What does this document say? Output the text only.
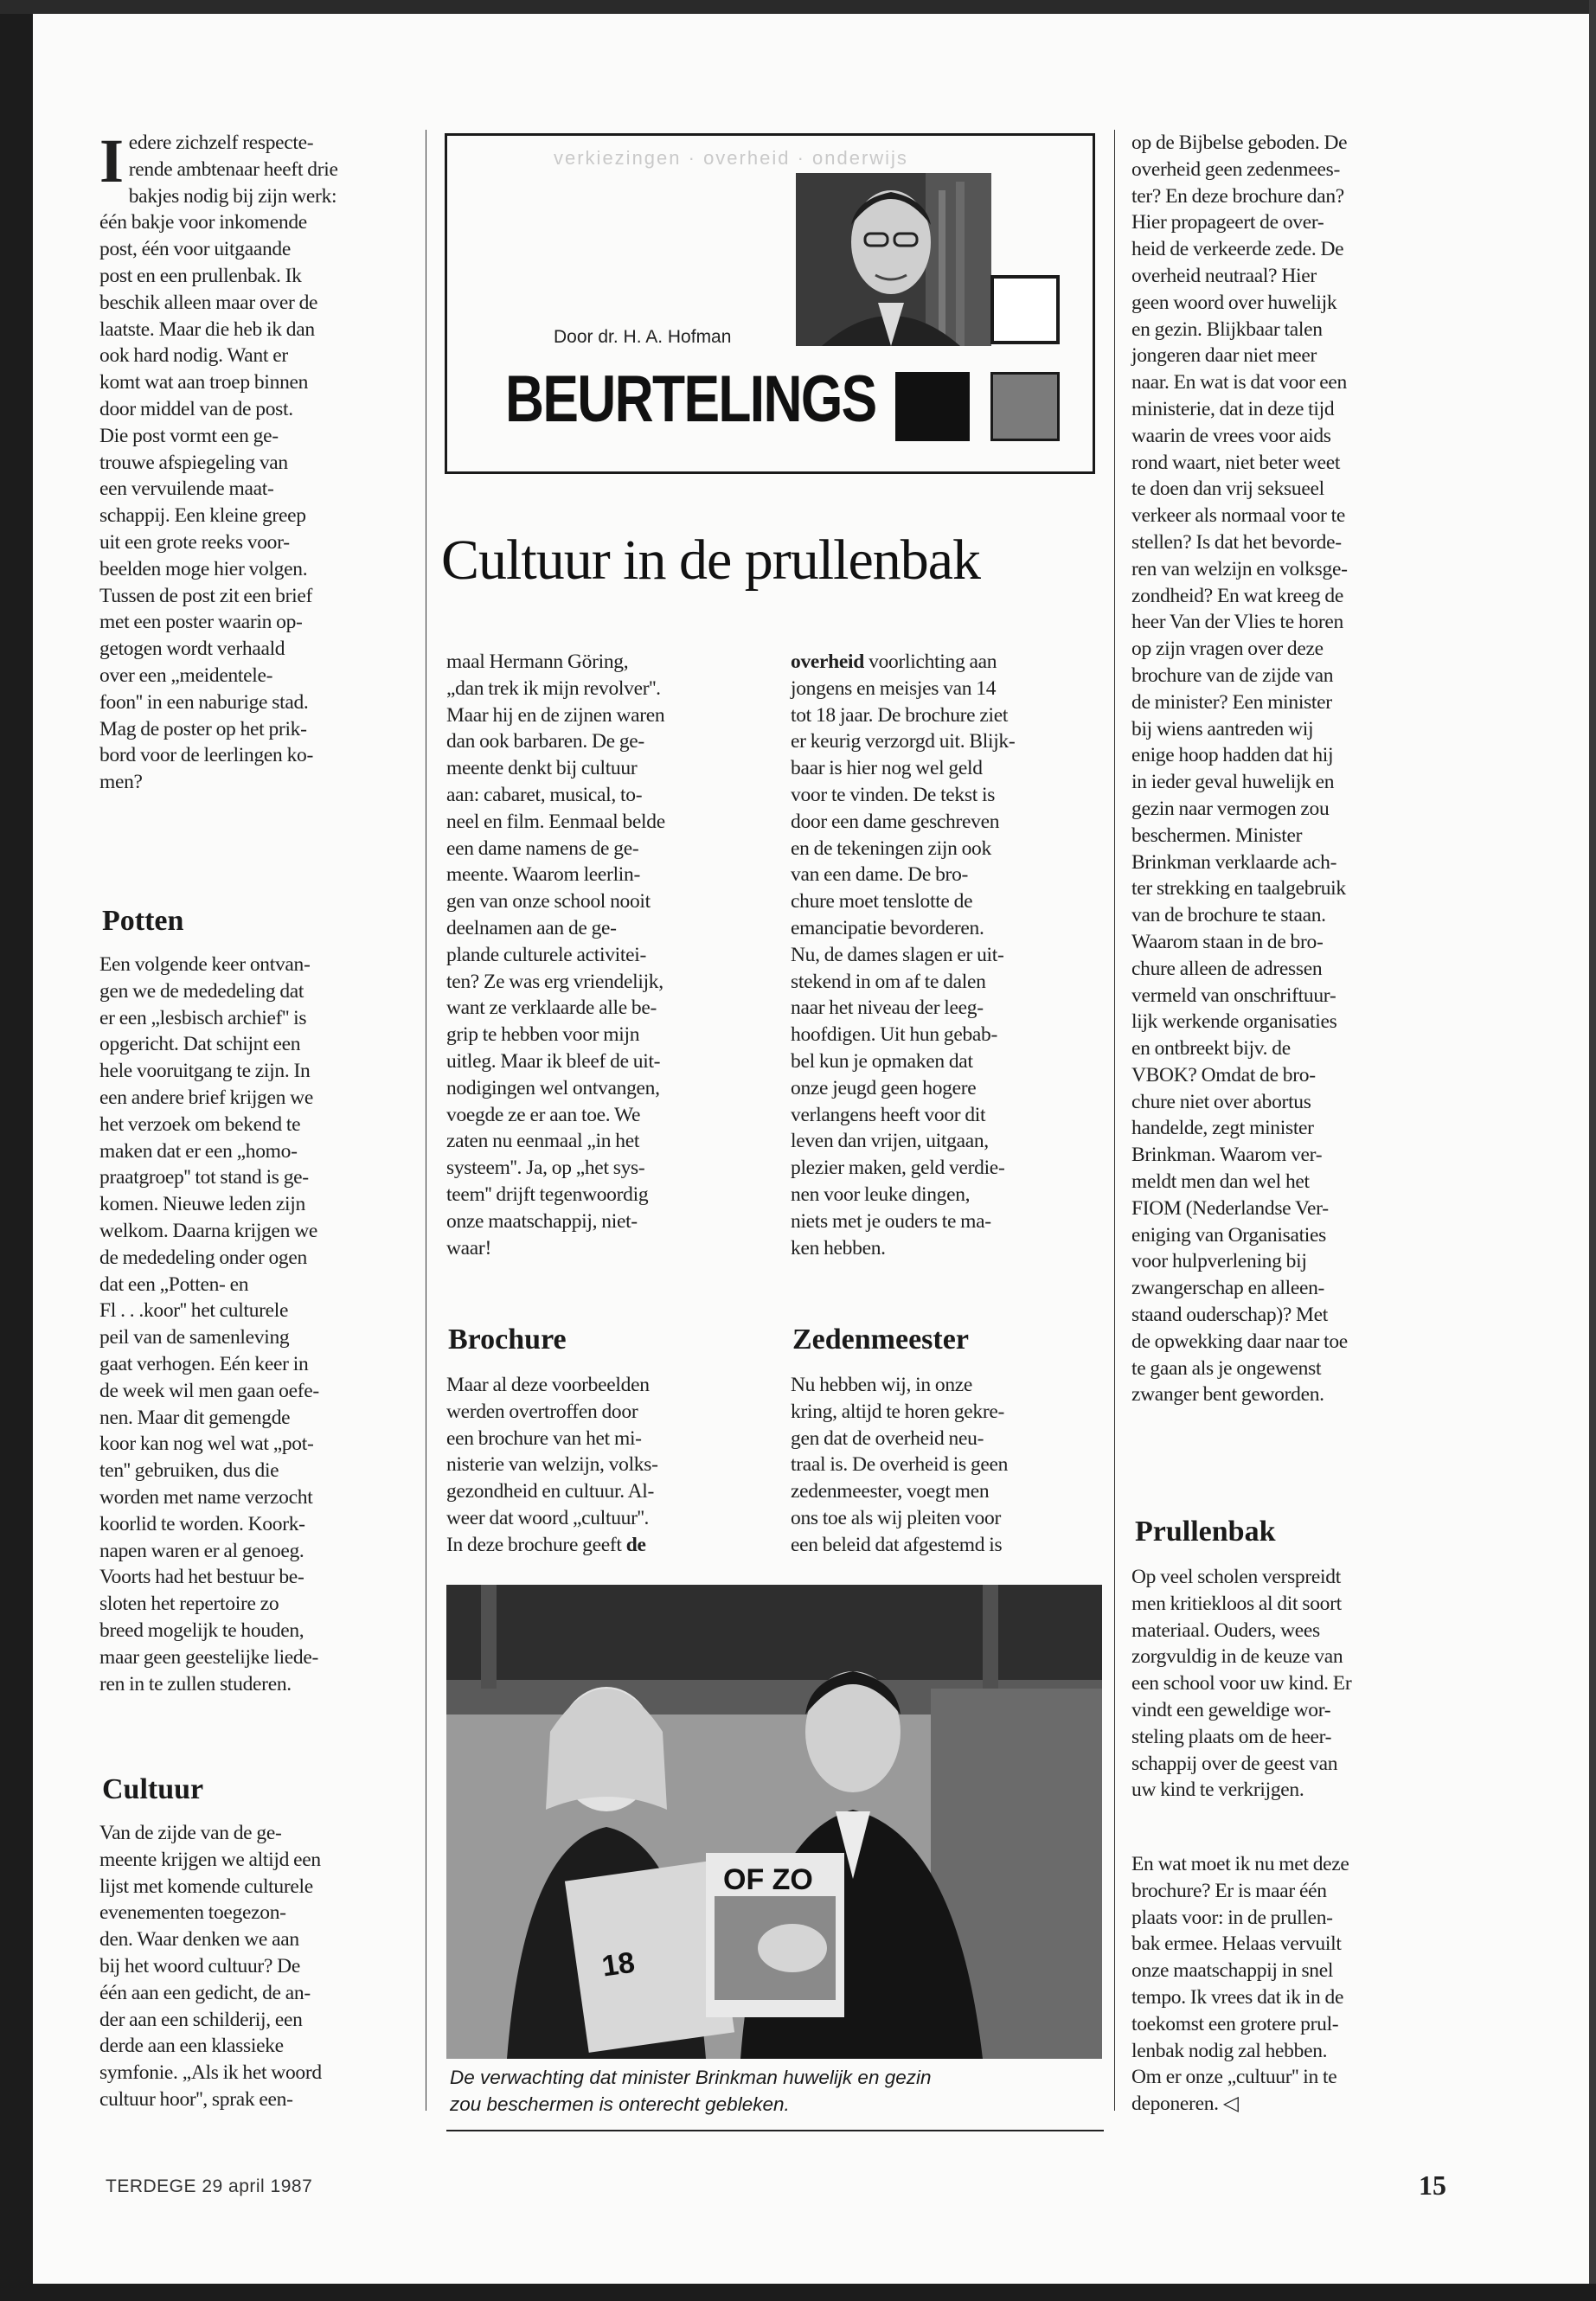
Iedere zichzelf respecte-
rende ambtenaar heeft drie
bakjes nodig bij zijn werk:
één bakje voor inkomende
post, één voor uitgaande
post en een prullenbak. Ik
beschik alleen maar over de
laatste. Maar die heb ik dan
ook hard nodig. Want er
komt wat aan troep binnen
door middel van de post.
Die post vormt een ge-
trouwe afspiegeling van
een vervuilende maat-
schappij. Een kleine greep
uit een grote reeks voor-
beelden moge hier volgen.
Tussen de post zit een brief
met een poster waarin op-
getogen wordt verhaald
over een „meidentele-
foon'' in een naburige stad.
Mag de poster op het prik-
bord voor de leerlingen ko-
men?
Potten
Een volgende keer ontvan-
gen we de mededeling dat
er een „lesbisch archief'' is
opgericht. Dat schijnt een
hele vooruitgang te zijn. In
een andere brief krijgen we
het verzoek om bekend te
maken dat er een „homo-
praatgroep'' tot stand is ge-
komen. Nieuwe leden zijn
welkom. Daarna krijgen we
de mededeling onder ogen
dat een „Potten- en
Fl . . .koor'' het culturele
peil van de samenleving
gaat verhogen. Eén keer in
de week wil men gaan oefe-
nen. Maar dit gemengde
koor kan nog wel wat „pot-
ten'' gebruiken, dus die
worden met name verzocht
koorlid te worden. Koork-
napen waren er al genoeg.
Voorts had het bestuur be-
sloten het repertoire zo
breed mogelijk te houden,
maar geen geestelijke liede-
ren in te zullen studeren.
Cultuur
Van de zijde van de ge-
meente krijgen we altijd een
lijst met komende culturele
evenementen toegezon-
den. Waar denken we aan
bij het woord cultuur? De
één aan een gedicht, de an-
der aan een schilderij, een
derde aan een klassieke
symfonie. „Als ik het woord
cultuur hoor'', sprak een-
verkiezingen · overheid · onderwijs
Door dr. H. A. Hofman
BEURTELINGS
Cultuur in de prullenbak
maal Hermann Göring,
„dan trek ik mijn revolver''.
Maar hij en de zijnen waren
dan ook barbaren. De ge-
meente denkt bij cultuur
aan: cabaret, musical, to-
neel en film. Eenmaal belde
een dame namens de ge-
meente. Waarom leerlin-
gen van onze school nooit
deelnamen aan de ge-
plande culturele activitei-
ten? Ze was erg vriendelijk,
want ze verklaarde alle be-
grip te hebben voor mijn
uitleg. Maar ik bleef de uit-
nodigingen wel ontvangen,
voegde ze er aan toe. We
zaten nu eenmaal „in het
systeem''. Ja, op „het sys-
teem'' drijft tegenwoordig
onze maatschappij, niet-
waar!
Brochure
Maar al deze voorbeelden
werden overtroffen door
een brochure van het mi-
nisterie van welzijn, volks-
gezondheid en cultuur. Al-
weer dat woord „cultuur''.
In deze brochure geeft de
overheid voorlichting aan
jongens en meisjes van 14
tot 18 jaar. De brochure ziet
er keurig verzorgd uit. Blijk-
baar is hier nog wel geld
voor te vinden. De tekst is
door een dame geschreven
en de tekeningen zijn ook
van een dame. De bro-
chure moet tenslotte de
emancipatie bevorderen.
Nu, de dames slagen er uit-
stekend in om af te dalen
naar het niveau der leeg-
hoofdigen. Uit hun gebab-
bel kun je opmaken dat
onze jeugd geen hogere
verlangens heeft voor dit
leven dan vrijen, uitgaan,
plezier maken, geld verdie-
nen voor leuke dingen,
niets met je ouders te ma-
ken hebben.
Zedenmeester
Nu hebben wij, in onze
kring, altijd te horen gekre-
gen dat de overheid neu-
traal is. De overheid is geen
zedenmeester, voegt men
ons toe als wij pleiten voor
een beleid dat afgestemd is
OF ZO
18
De verwachting dat minister Brinkman huwelijk en gezin
zou beschermen is onterecht gebleken.
op de Bijbelse geboden. De
overheid geen zedenmees-
ter? En deze brochure dan?
Hier propageert de over-
heid de verkeerde zede. De
overheid neutraal? Hier
geen woord over huwelijk
en gezin. Blijkbaar talen
jongeren daar niet meer
naar. En wat is dat voor een
ministerie, dat in deze tijd
waarin de vrees voor aids
rond waart, niet beter weet
te doen dan vrij seksueel
verkeer als normaal voor te
stellen? Is dat het bevorde-
ren van welzijn en volksge-
zondheid? En wat kreeg de
heer Van der Vlies te horen
op zijn vragen over deze
brochure van de zijde van
de minister? Een minister
bij wiens aantreden wij
enige hoop hadden dat hij
in ieder geval huwelijk en
gezin naar vermogen zou
beschermen. Minister
Brinkman verklaarde ach-
ter strekking en taalgebruik
van de brochure te staan.
Waarom staan in de bro-
chure alleen de adressen
vermeld van onschriftuur-
lijk werkende organisaties
en ontbreekt bijv. de
VBOK? Omdat de bro-
chure niet over abortus
handelde, zegt minister
Brinkman. Waarom ver-
meldt men dan wel het
FIOM (Nederlandse Ver-
eniging van Organisaties
voor hulpverlening bij
zwangerschap en alleen-
staand ouderschap)? Met
de opwekking daar naar toe
te gaan als je ongewenst
zwanger bent geworden.
Prullenbak
Op veel scholen verspreidt
men kritiekloos al dit soort
materiaal. Ouders, wees
zorgvuldig in de keuze van
een school voor uw kind. Er
vindt een geweldige wor-
steling plaats om de heer-
schappij over de geest van
uw kind te verkrijgen.
En wat moet ik nu met deze
brochure? Er is maar één
plaats voor: in de prullen-
bak ermee. Helaas vervuilt
onze maatschappij in snel
tempo. Ik vrees dat ik in de
toekomst een grotere prul-
lenbak nodig zal hebben.
Om er onze „cultuur'' in te
deponeren. ◁
TERDEGE 29 april 1987	15
